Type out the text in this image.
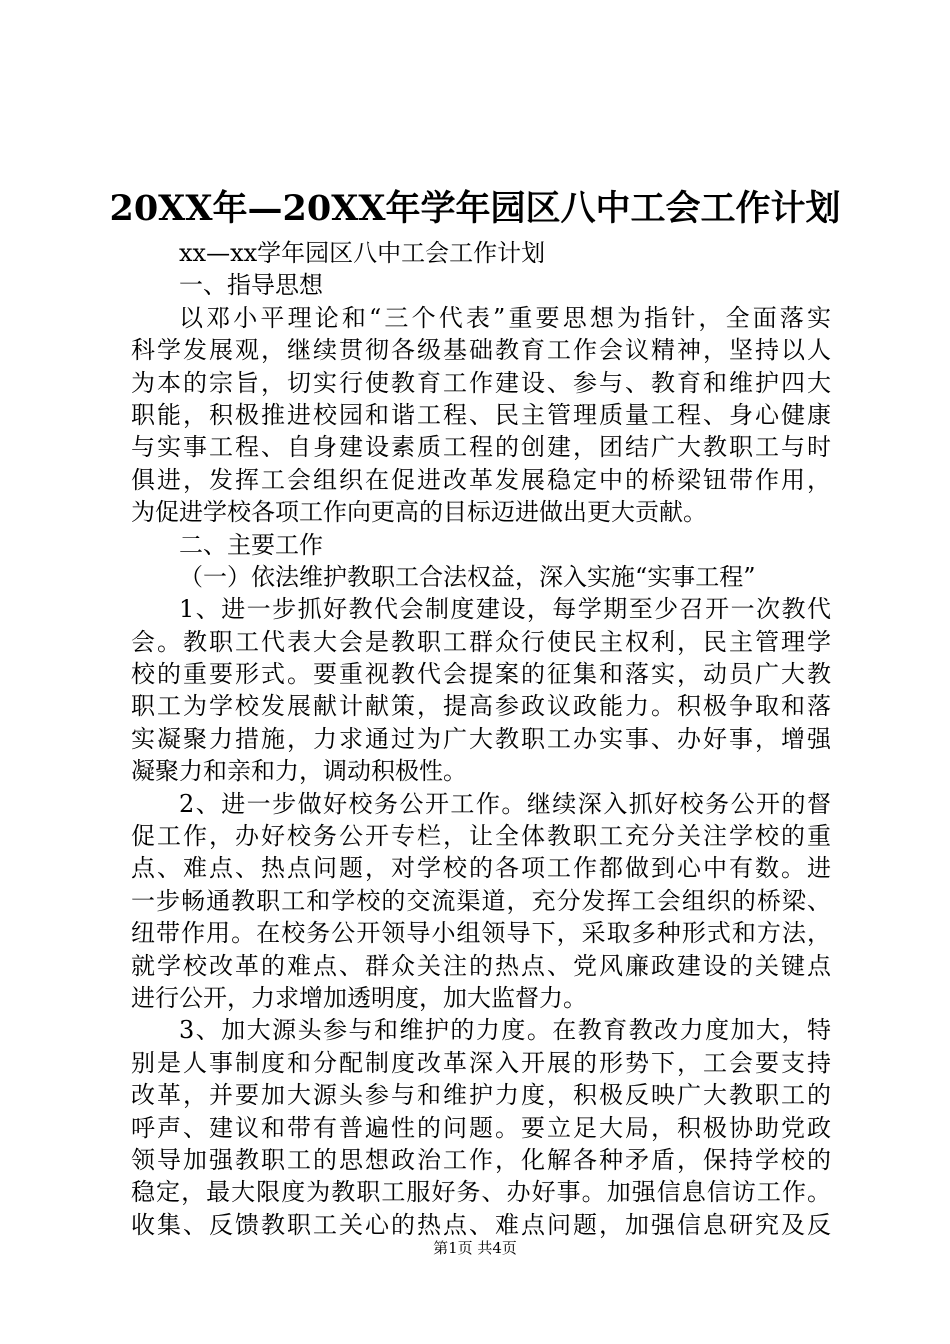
20XX年—20XX年学年园区八中工会工作计划
xx—xx学年园区八中工会工作计划
一、指导思想
以邓小平理论和“三个代表”重要思想为指针，全面落实
科学发展观，继续贯彻各级基础教育工作会议精神，坚持以人
为本的宗旨，切实行使教育工作建设、参与、教育和维护四大
职能，积极推进校园和谐工程、民主管理质量工程、身心健康
与实事工程、自身建设素质工程的创建，团结广大教职工与时
俱进，发挥工会组织在促进改革发展稳定中的桥梁钮带作用，
为促进学校各项工作向更高的目标迈进做出更大贡献。
二、主要工作
（一）依法维护教职工合法权益，深入实施“实事工程”
1、进一步抓好教代会制度建设，每学期至少召开一次教代
会。教职工代表大会是教职工群众行使民主权利，民主管理学
校的重要形式。要重视教代会提案的征集和落实，动员广大教
职工为学校发展献计献策，提高参政议政能力。积极争取和落
实凝聚力措施，力求通过为广大教职工办实事、办好事，增强
凝聚力和亲和力，调动积极性。
2、进一步做好校务公开工作。继续深入抓好校务公开的督
促工作，办好校务公开专栏，让全体教职工充分关注学校的重
点、难点、热点问题，对学校的各项工作都做到心中有数。进
一步畅通教职工和学校的交流渠道，充分发挥工会组织的桥梁、
纽带作用。在校务公开领导小组领导下，采取多种形式和方法，
就学校改革的难点、群众关注的热点、党风廉政建设的关键点
进行公开，力求增加透明度，加大监督力。
3、加大源头参与和维护的力度。在教育教改力度加大，特
别是人事制度和分配制度改革深入开展的形势下，工会要支持
改革，并要加大源头参与和维护力度，积极反映广大教职工的
呼声、建议和带有普遍性的问题。要立足大局，积极协助党政
领导加强教职工的思想政治工作，化解各种矛盾，保持学校的
稳定，最大限度为教职工服好务、办好事。加强信息信访工作。
收集、反馈教职工关心的热点、难点问题，加强信息研究及反
第1页 共4页
